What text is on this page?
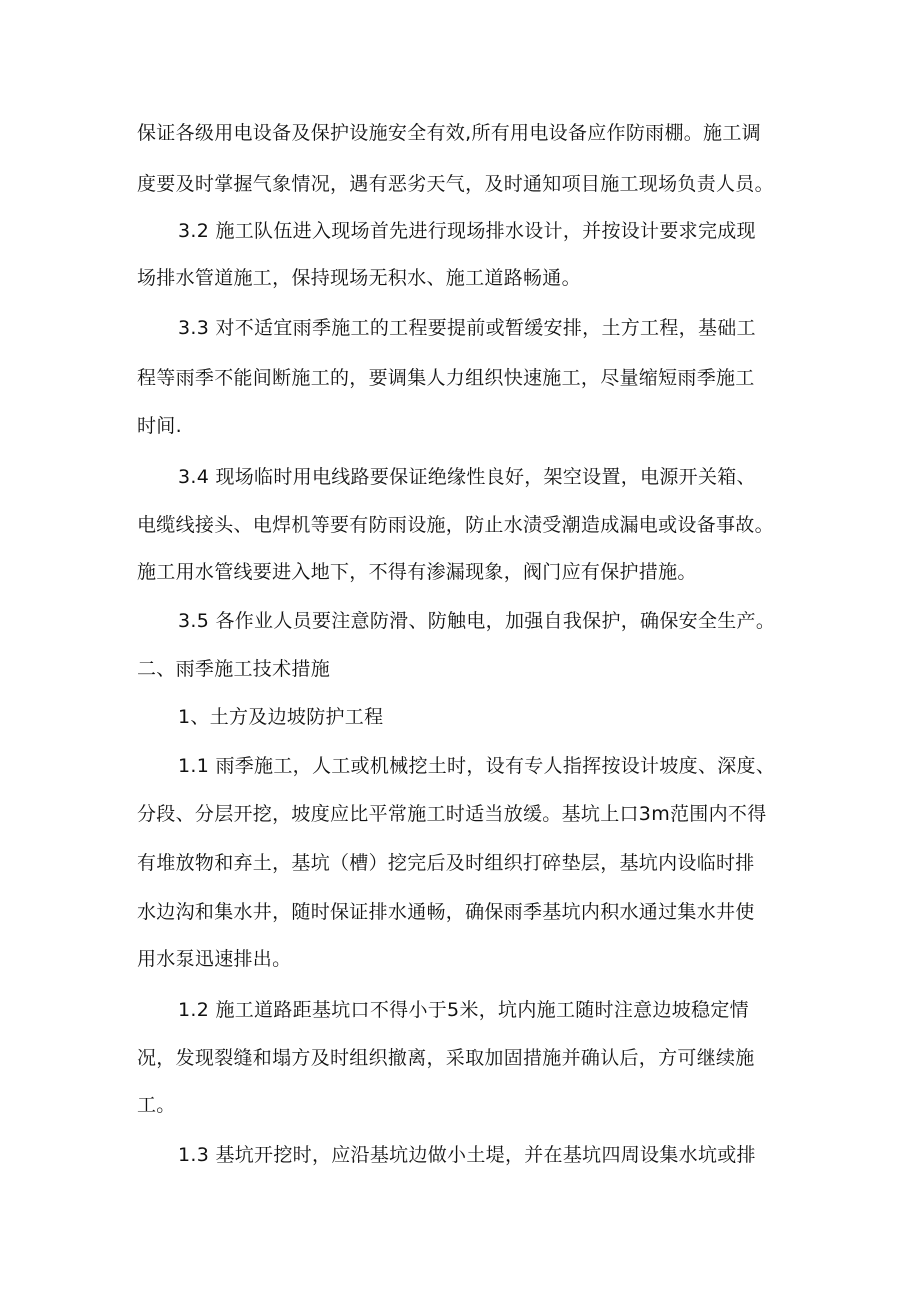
保证各级用电设备及保护设施安全有效,所有用电设备应作防雨棚。施工调
度要及时掌握气象情况，遇有恶劣天气，及时通知项目施工现场负责人员。
3.2 施工队伍进入现场首先进行现场排水设计，并按设计要求完成现
场排水管道施工，保持现场无积水、施工道路畅通。
3.3 对不适宜雨季施工的工程要提前或暂缓安排，土方工程，基础工
程等雨季不能间断施工的，要调集人力组织快速施工，尽量缩短雨季施工
时间.
3.4 现场临时用电线路要保证绝缘性良好，架空设置，电源开关箱、
电缆线接头、电焊机等要有防雨设施，防止水渍受潮造成漏电或设备事故。
施工用水管线要进入地下，不得有渗漏现象，阀门应有保护措施。
3.5 各作业人员要注意防滑、防触电，加强自我保护，确保安全生产。
二、雨季施工技术措施
1、土方及边坡防护工程
1.1 雨季施工，人工或机械挖土时，设有专人指挥按设计坡度、深度、
分段、分层开挖，坡度应比平常施工时适当放缓。基坑上口3m范围内不得
有堆放物和弃土，基坑（槽）挖完后及时组织打碎垫层，基坑内设临时排
水边沟和集水井，随时保证排水通畅，确保雨季基坑内积水通过集水井使
用水泵迅速排出。
1.2 施工道路距基坑口不得小于5米，坑内施工随时注意边坡稳定情
况，发现裂缝和塌方及时组织撤离，采取加固措施并确认后，方可继续施
工。
1.3 基坑开挖时，应沿基坑边做小土堤，并在基坑四周设集水坑或排
